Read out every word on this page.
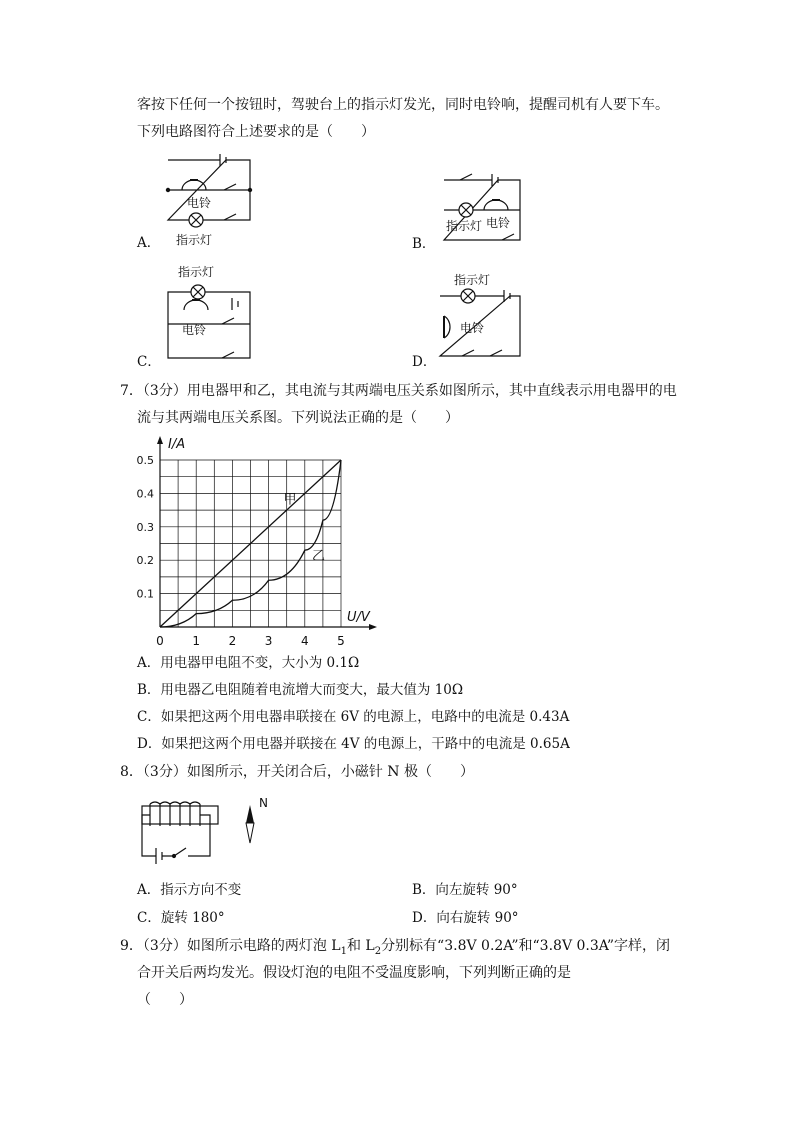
客按下任何一个按钮时，驾驶台上的指示灯发光，同时电铃响，提醒司机有人要下车。
下列电路图符合上述要求的是（　　）
电铃
指示灯
A．
指示灯 电铃
B．
指示灯
电铃
C．
指示灯
电铃
D．
7．（3分）用电器甲和乙，其电流与其两端电压关系如图所示，其中直线表示用电器甲的电
流与其两端电压关系图。下列说法正确的是（　　）
0 1 2 3 4 5
0.1
0.2
0.3
0.4
0.5
甲
乙
I/A
U/V
A．用电器甲电阻不变，大小为 0.1Ω
B．用电器乙电阻随着电流增大而变大，最大值为 10Ω
C．如果把这两个用电器串联接在 6V 的电源上，电路中的电流是 0.43A
D．如果把这两个用电器并联接在 4V 的电源上，干路中的电流是 0.65A
8．（3分）如图所示，开关闭合后，小磁针 N 极（　　）
N
A．指示方向不变	B．向左旋转 90°
C．旋转 180°	D．向右旋转 90°
9．（3分）如图所示电路的两灯泡 $L_1$和 $L_2$分别标有“3.8V 0.2A”和“3.8V 0.3A”字样，闭
合开关后两均发光。假设灯泡的电阻不受温度影响，下列判断正确的是
（　　）
